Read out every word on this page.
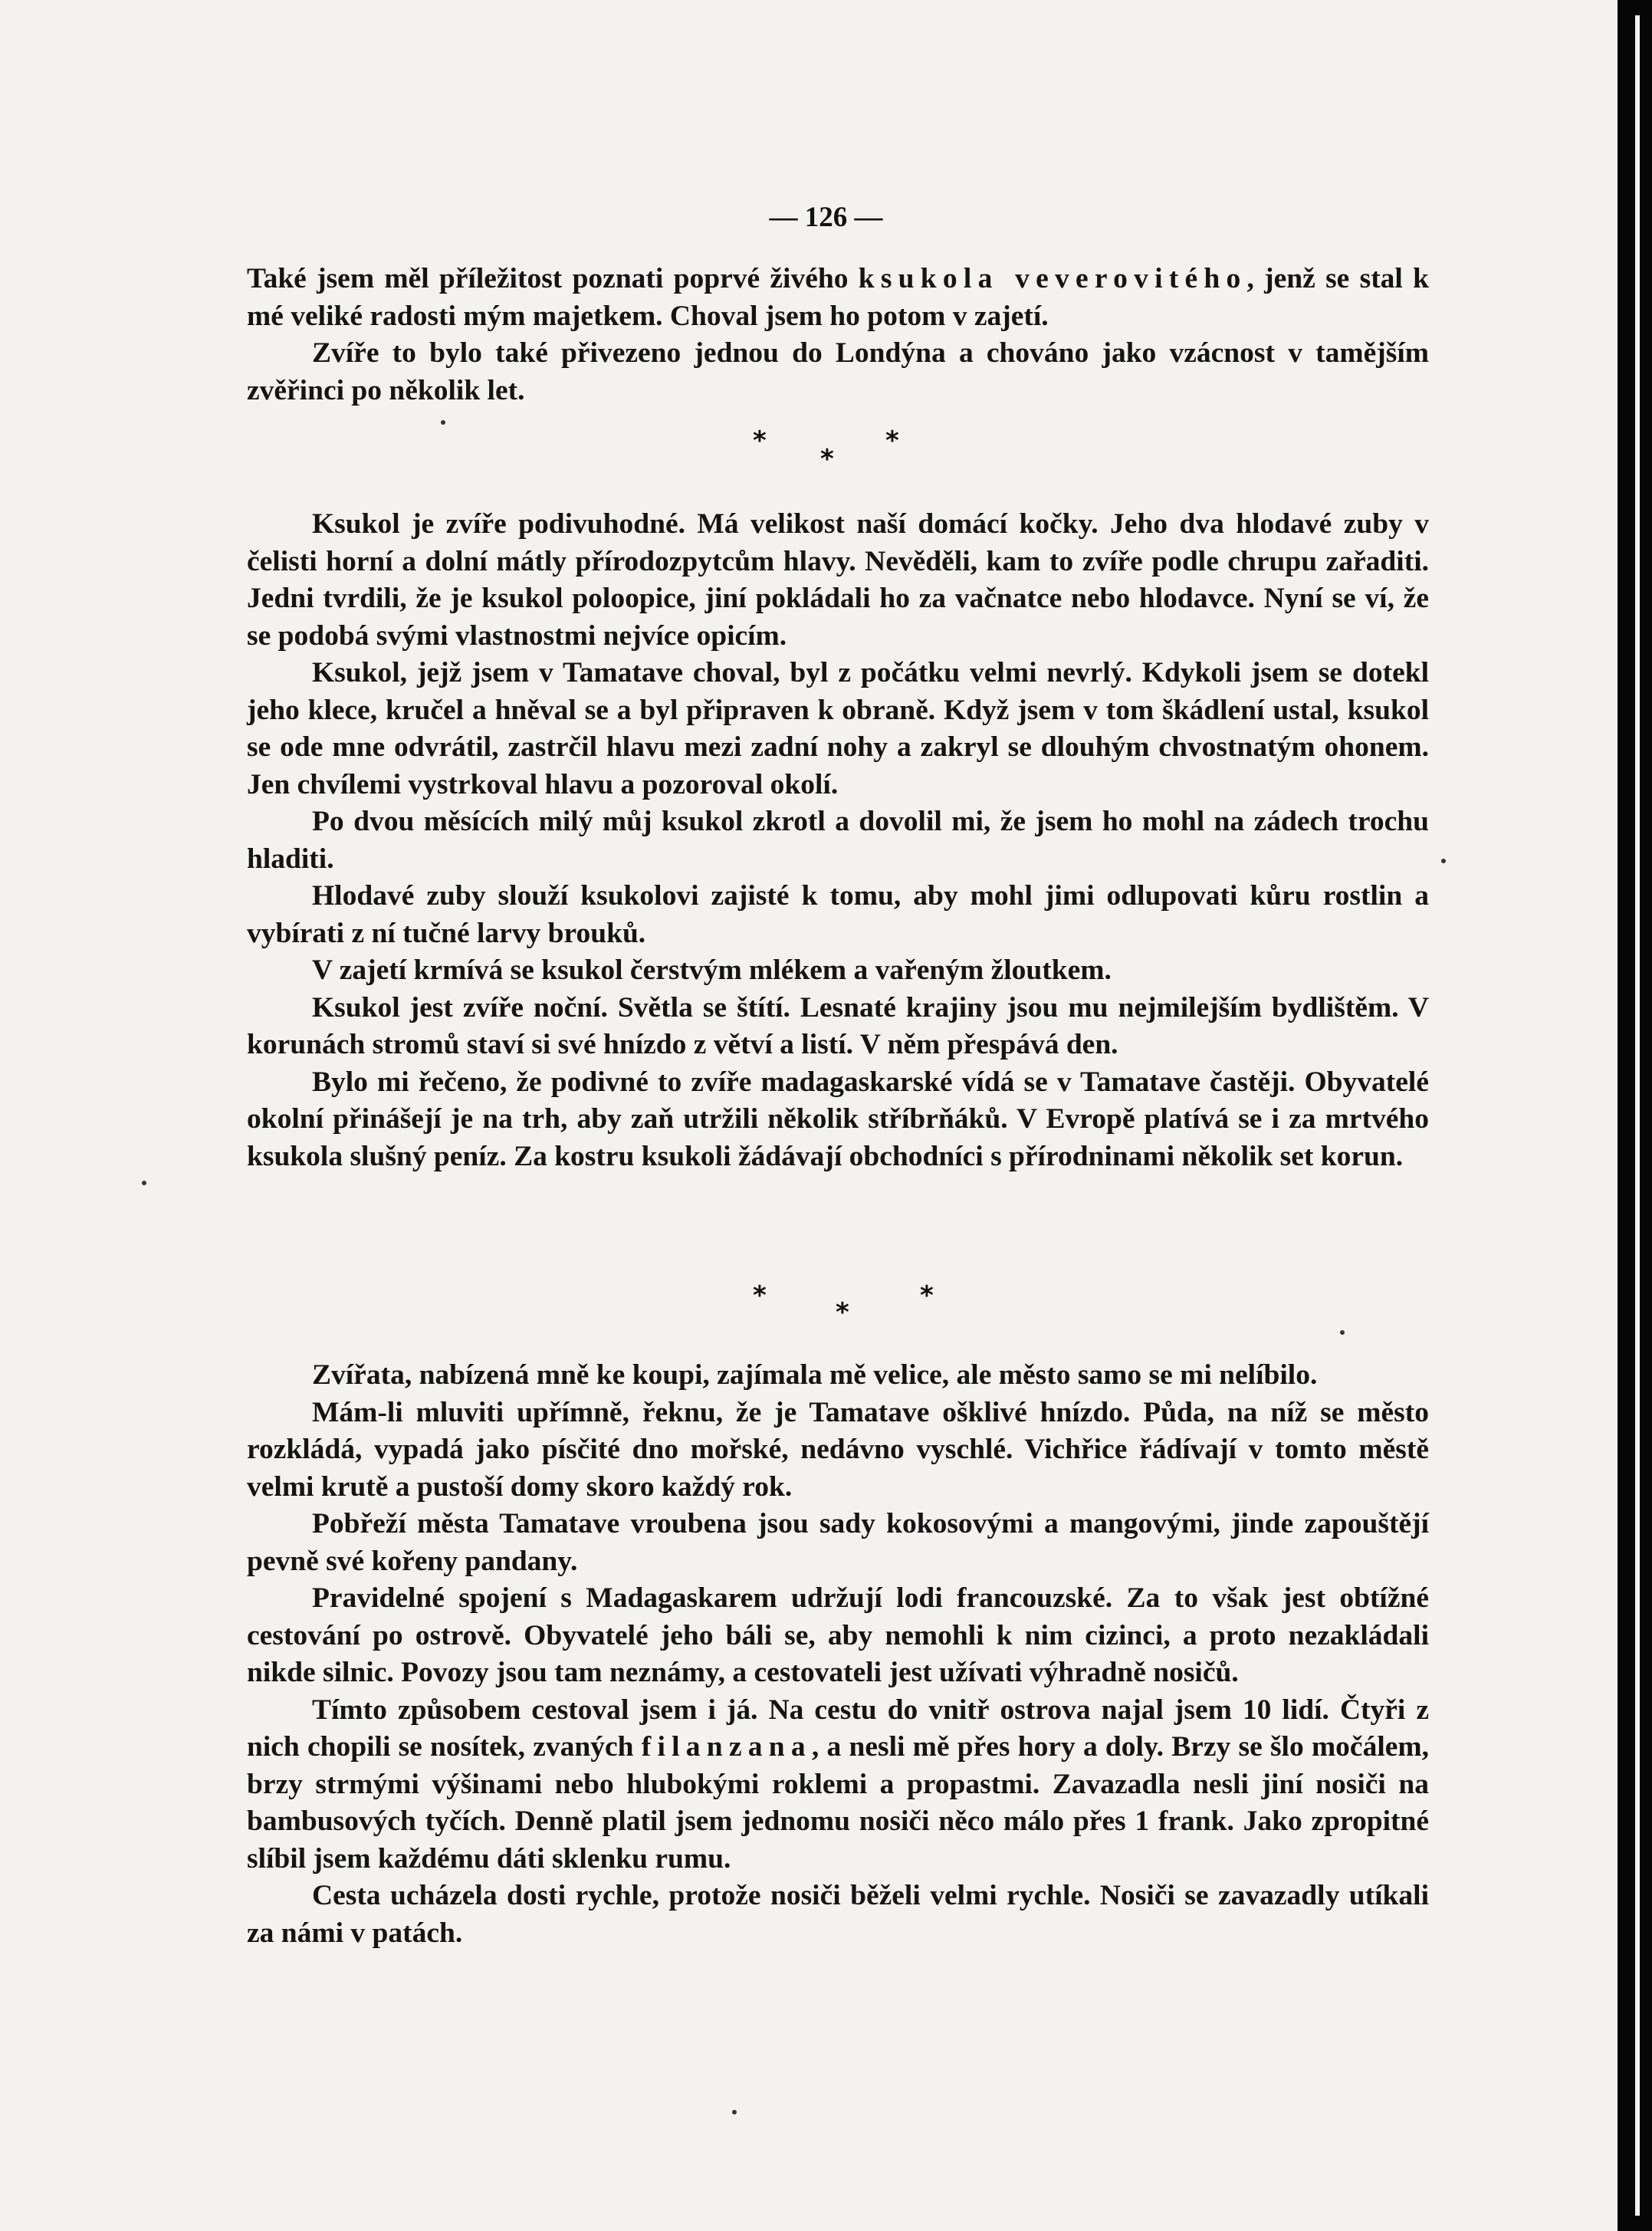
— 126 —

Také jsem měl příležitost poznati poprvé živého ksukola veverovitého, jenž se stal k mé veliké radosti mým majetkem. Choval jsem ho potom v zajetí.

Zvíře to bylo také přivezeno jednou do Londýna a chováno jako vzácnost v tamějším zvěřinci po několik let.

*	*
*

Ksukol je zvíře podivuhodné. Má velikost naší domácí kočky. Jeho dva hlodavé zuby v čelisti horní a dolní mátly přírodozpytcům hlavy. Nevěděli, kam to zvíře podle chrupu zařaditi. Jedni tvrdili, že je ksukol poloopice, jiní pokládali ho za vačnatce nebo hlodavce. Nyní se ví, že se podobá svými vlastnostmi nejvíce opicím.

Ksukol, jejž jsem v Tamatave choval, byl z počátku velmi nevrlý. Kdykoli jsem se dotekl jeho klece, kručel a hněval se a byl připraven k obraně. Když jsem v tom škádlení ustal, ksukol se ode mne odvrátil, zastrčil hlavu mezi zadní nohy a zakryl se dlouhým chvostnatým ohonem. Jen chvílemi vystrkoval hlavu a pozoroval okolí.

Po dvou měsících milý můj ksukol zkrotl a dovolil mi, že jsem ho mohl na zádech trochu hladiti.

Hlodavé zuby slouží ksukolovi zajisté k tomu, aby mohl jimi odlupovati kůru rostlin a vybírati z ní tučné larvy brouků.

V zajetí krmívá se ksukol čerstvým mlékem a vařeným žloutkem.

Ksukol jest zvíře noční. Světla se štítí. Lesnaté krajiny jsou mu nejmilejším bydlištěm. V korunách stromů staví si své hnízdo z větví a listí. V něm přespává den.

Bylo mi řečeno, že podivné to zvíře madagaskarské vídá se v Tamatave častěji. Obyvatelé okolní přinášejí je na trh, aby zaň utržili několik stříbrňáků. V Evropě platívá se i za mrtvého ksukola slušný peníz. Za kostru ksukoli žádávají obchodníci s přírodninami několik set korun.

*	*
*

Zvířata, nabízená mně ke koupi, zajímala mě velice, ale město samo se mi nelíbilo.

Mám-li mluviti upřímně, řeknu, že je Tamatave ošklivé hnízdo. Půda, na níž se město rozkládá, vypadá jako písčité dno mořské, nedávno vyschlé. Vichřice řádívají v tomto městě velmi krutě a pustoší domy skoro každý rok.

Pobřeží města Tamatave vroubena jsou sady kokosovými a mangovými, jinde zapouštějí pevně své kořeny pandany.

Pravidelné spojení s Madagaskarem udržují lodi francouzské. Za to však jest obtížné cestování po ostrově. Obyvatelé jeho báli se, aby nemohli k nim cizinci, a proto nezakládali nikde silnic. Povozy jsou tam neznámy, a cestovateli jest užívati výhradně nosičů.

Tímto způsobem cestoval jsem i já. Na cestu do vnitř ostrova najal jsem 10 lidí. Čtyři z nich chopili se nosítek, zvaných filanzana, a nesli mě přes hory a doly. Brzy se šlo močálem, brzy strmými výšinami nebo hlubokými roklemi a propastmi. Zavazadla nesli jiní nosiči na bambusových tyčích. Denně platil jsem jednomu nosiči něco málo přes 1 frank. Jako zpropitné slíbil jsem každému dáti sklenku rumu.

Cesta ucházela dosti rychle, protože nosiči běželi velmi rychle. Nosiči se zavazadly utíkali za námi v patách.
